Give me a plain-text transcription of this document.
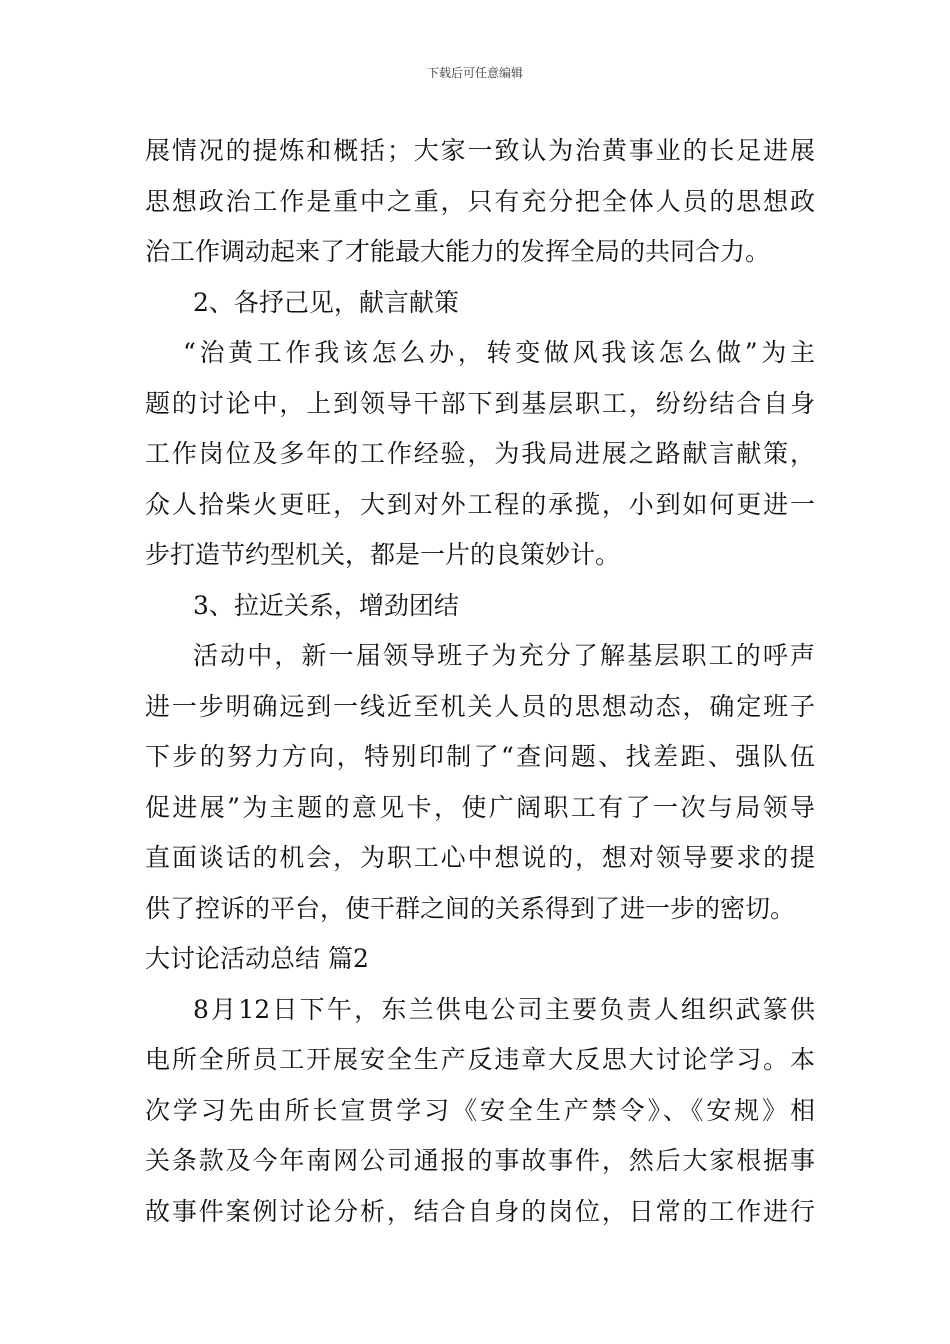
下载后可任意编辑
展情况的提炼和概括；大家一致认为治黄事业的长足进展
思想政治工作是重中之重，只有充分把全体人员的思想政
治工作调动起来了才能最大能力的发挥全局的共同合力。
2、各抒己见，献言献策
“治黄工作我该怎么办，转变做风我该怎么做”为主
题的讨论中，上到领导干部下到基层职工，纷纷结合自身
工作岗位及多年的工作经验，为我局进展之路献言献策，
众人拾柴火更旺，大到对外工程的承揽，小到如何更进一
步打造节约型机关，都是一片的良策妙计。
3、拉近关系，增劲团结
活动中，新一届领导班子为充分了解基层职工的呼声
进一步明确远到一线近至机关人员的思想动态，确定班子
下步的努力方向，特别印制了“查问题、找差距、强队伍
促进展”为主题的意见卡，使广阔职工有了一次与局领导
直面谈话的机会，为职工心中想说的，想对领导要求的提
供了控诉的平台，使干群之间的关系得到了进一步的密切。
大讨论活动总结 篇2
8月12日下午，东兰供电公司主要负责人组织武篆供
电所全所员工开展安全生产反违章大反思大讨论学习。本
次学习先由所长宣贯学习《安全生产禁令》、《安规》相
关条款及今年南网公司通报的事故事件，然后大家根据事
故事件案例讨论分析，结合自身的岗位，日常的工作进行
